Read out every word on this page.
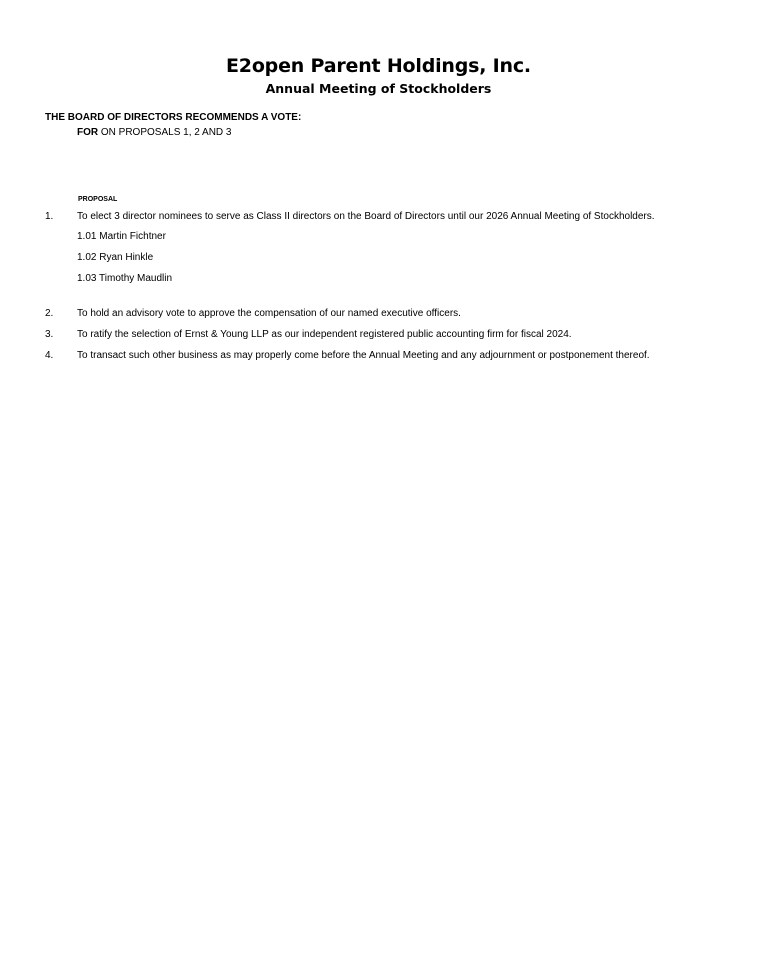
E2open Parent Holdings, Inc.
Annual Meeting of Stockholders
THE BOARD OF DIRECTORS RECOMMENDS A VOTE:
FOR ON PROPOSALS 1, 2 AND 3
PROPOSAL
1. To elect 3 director nominees to serve as Class II directors on the Board of Directors until our 2026 Annual Meeting of Stockholders.
1.01 Martin Fichtner
1.02 Ryan Hinkle
1.03 Timothy Maudlin
2. To hold an advisory vote to approve the compensation of our named executive officers.
3. To ratify the selection of Ernst & Young LLP as our independent registered public accounting firm for fiscal 2024.
4. To transact such other business as may properly come before the Annual Meeting and any adjournment or postponement thereof.
